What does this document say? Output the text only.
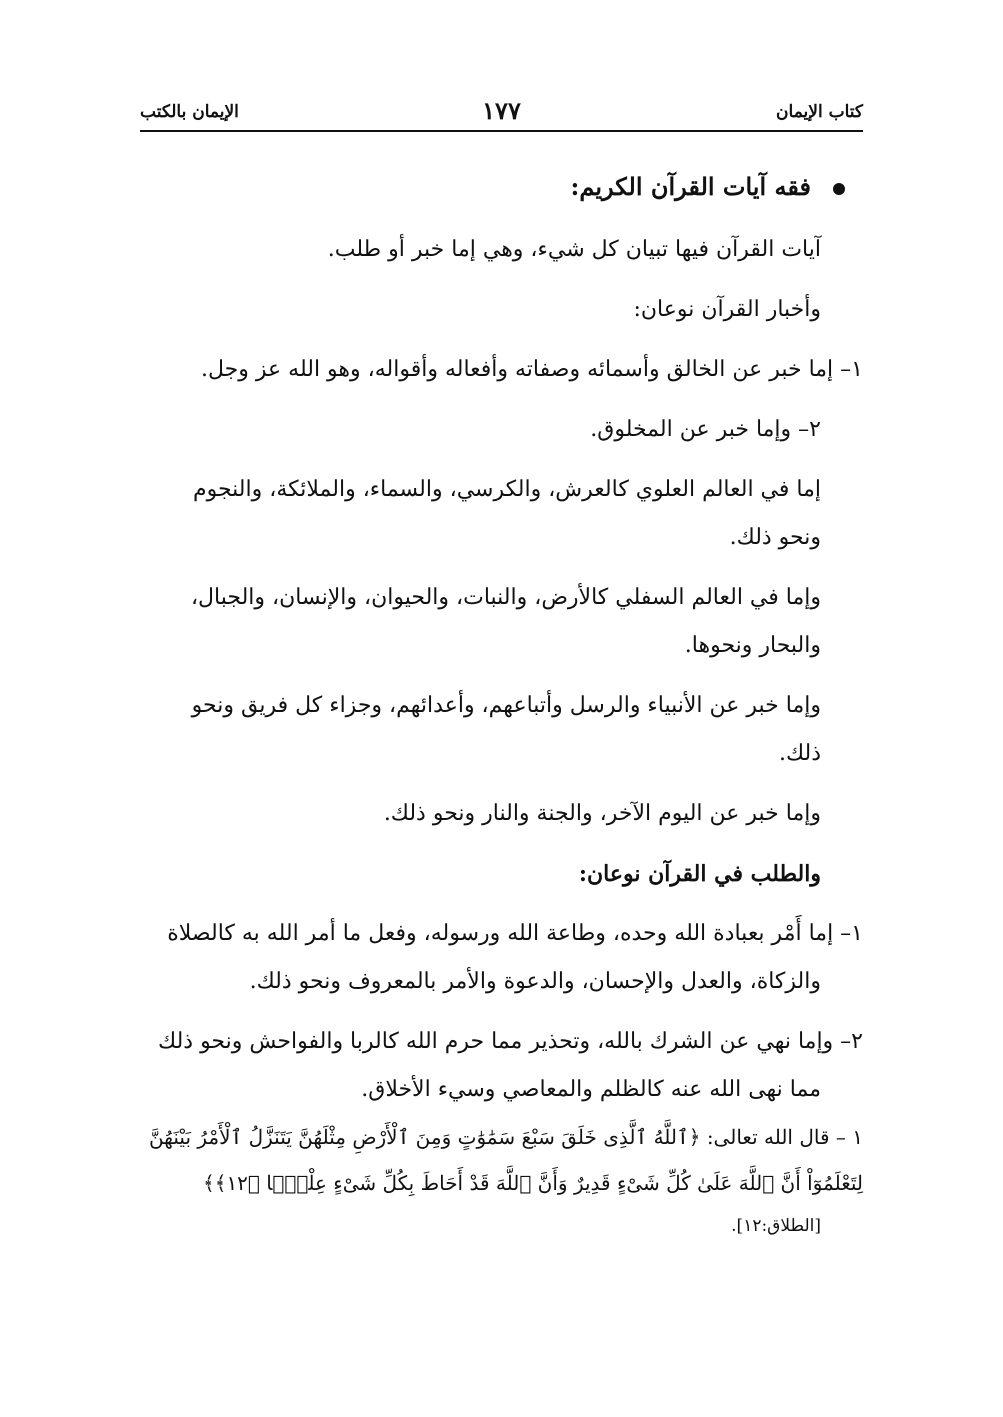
كتاب الإيمان
١٧٧
الإيمان بالكتب
فقه آيات القرآن الكريم:
آيات القرآن فيها تبيان كل شيء، وهي إما خبر أو طلب.
وأخبار القرآن نوعان:
١– إما خبر عن الخالق وأسمائه وصفاته وأفعاله وأقواله، وهو الله عز وجل.
٢– وإما خبر عن المخلوق.
إما في العالم العلوي كالعرش، والكرسي، والسماء، والملائكة، والنجوم
ونحو ذلك.
وإما في العالم السفلي كالأرض، والنبات، والحيوان، والإنسان، والجبال،
والبحار ونحوها.
وإما خبر عن الأنبياء والرسل وأتباعهم، وأعدائهم، وجزاء كل فريق ونحو
ذلك.
وإما خبر عن اليوم الآخر، والجنة والنار ونحو ذلك.
والطلب في القرآن نوعان:
١– إما أَمْر بعبادة الله وحده، وطاعة الله ورسوله، وفعل ما أمر الله به كالصلاة
والزكاة، والعدل والإحسان، والدعوة والأمر بالمعروف ونحو ذلك.
٢– وإما نهي عن الشرك بالله، وتحذير مما حرم الله كالربا والفواحش ونحو ذلك
مما نهى الله عنه كالظلم والمعاصي وسيء الأخلاق.
١ – قال الله تعالى: ﴿ٱللَّهُ ٱلَّذِى خَلَقَ سَبْعَ سَمَٰوَٰتٍ وَمِنَ ٱلْأَرْضِ مِثْلَهُنَّ يَتَنَزَّلُ ٱلْأَمْرُ بَيْنَهُنَّ
لِتَعْلَمُوٓاْ أَنَّ ٱللَّهَ عَلَىٰ كُلِّ شَىْءٍ قَدِيرٌ وَأَنَّ ٱللَّهَ قَدْ أَحَاطَ بِكُلِّ شَىْءٍ عِلْمًۢا ﴿١٢﴾﴾
[الطلاق:١٢].
